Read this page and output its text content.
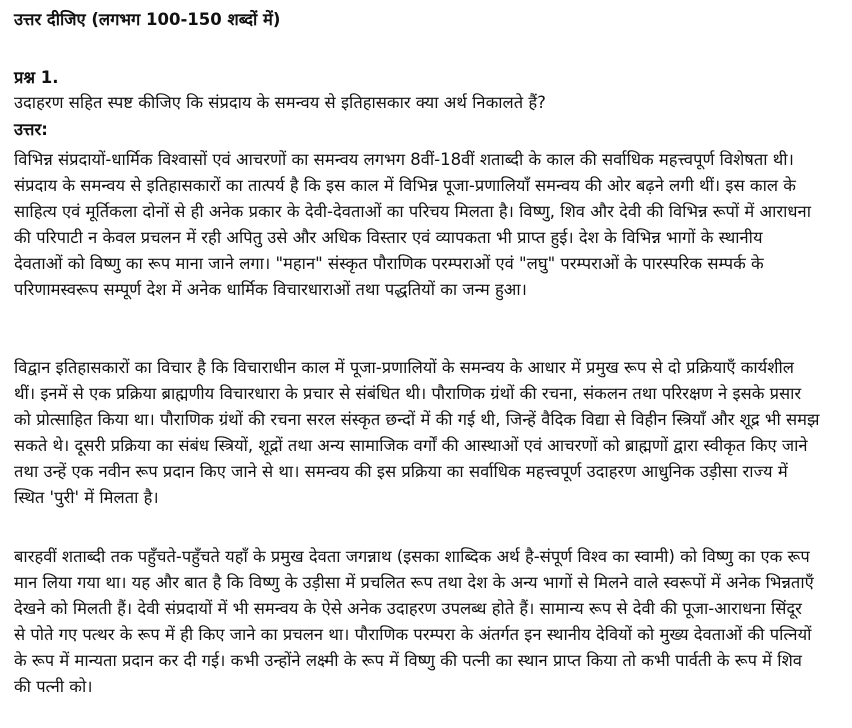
उत्तर दीजिए (लगभग 100-150 शब्दों में)
प्रश्न 1.
उदाहरण सहित स्पष्ट कीजिए कि संप्रदाय के समन्वय से इतिहासकार क्या अर्थ निकालते हैं?
उत्तर:
विभिन्न संप्रदायों-धार्मिक विश्वासों एवं आचरणों का समन्वय लगभग 8वीं-18वीं शताब्दी के काल की सर्वाधिक महत्त्वपूर्ण विशेषता थी।
संप्रदाय के समन्वय से इतिहासकारों का तात्पर्य है कि इस काल में विभिन्न पूजा-प्रणालियाँ समन्वय की ओर बढ़ने लगी थीं। इस काल के
साहित्य एवं मूर्तिकला दोनों से ही अनेक प्रकार के देवी-देवताओं का परिचय मिलता है। विष्णु, शिव और देवी की विभिन्न रूपों में आराधना
की परिपाटी न केवल प्रचलन में रही अपितु उसे और अधिक विस्तार एवं व्यापकता भी प्राप्त हुई। देश के विभिन्न भागों के स्थानीय
देवताओं को विष्णु का रूप माना जाने लगा। "महान" संस्कृत पौराणिक परम्पराओं एवं "लघु" परम्पराओं के पारस्परिक सम्पर्क के
परिणामस्वरूप सम्पूर्ण देश में अनेक धार्मिक विचारधाराओं तथा पद्धतियों का जन्म हुआ।
विद्वान इतिहासकारों का विचार है कि विचाराधीन काल में पूजा-प्रणालियों के समन्वय के आधार में प्रमुख रूप से दो प्रक्रियाएँ कार्यशील
थीं। इनमें से एक प्रक्रिया ब्राह्मणीय विचारधारा के प्रचार से संबंधित थी। पौराणिक ग्रंथों की रचना, संकलन तथा परिरक्षण ने इसके प्रसार
को प्रोत्साहित किया था। पौराणिक ग्रंथों की रचना सरल संस्कृत छन्दों में की गई थी, जिन्हें वैदिक विद्या से विहीन स्त्रियाँ और शूद्र भी समझ
सकते थे। दूसरी प्रक्रिया का संबंध स्त्रियों, शूद्रों तथा अन्य सामाजिक वर्गों की आस्थाओं एवं आचरणों को ब्राह्मणों द्वारा स्वीकृत किए जाने
तथा उन्हें एक नवीन रूप प्रदान किए जाने से था। समन्वय की इस प्रक्रिया का सर्वाधिक महत्त्वपूर्ण उदाहरण आधुनिक उड़ीसा राज्य में
स्थित 'पुरी' में मिलता है।
बारहवीं शताब्दी तक पहुँचते-पहुँचते यहाँ के प्रमुख देवता जगन्नाथ (इसका शाब्दिक अर्थ है-संपूर्ण विश्व का स्वामी) को विष्णु का एक रूप
मान लिया गया था। यह और बात है कि विष्णु के उड़ीसा में प्रचलित रूप तथा देश के अन्य भागों से मिलने वाले स्वरूपों में अनेक भिन्नताएँ
देखने को मिलती हैं। देवी संप्रदायों में भी समन्वय के ऐसे अनेक उदाहरण उपलब्ध होते हैं। सामान्य रूप से देवी की पूजा-आराधना सिंदूर
से पोते गए पत्थर के रूप में ही किए जाने का प्रचलन था। पौराणिक परम्परा के अंतर्गत इन स्थानीय देवियों को मुख्य देवताओं की पत्नियों
के रूप में मान्यता प्रदान कर दी गई। कभी उन्होंने लक्ष्मी के रूप में विष्णु की पत्नी का स्थान प्राप्त किया तो कभी पार्वती के रूप में शिव
की पत्नी को।
